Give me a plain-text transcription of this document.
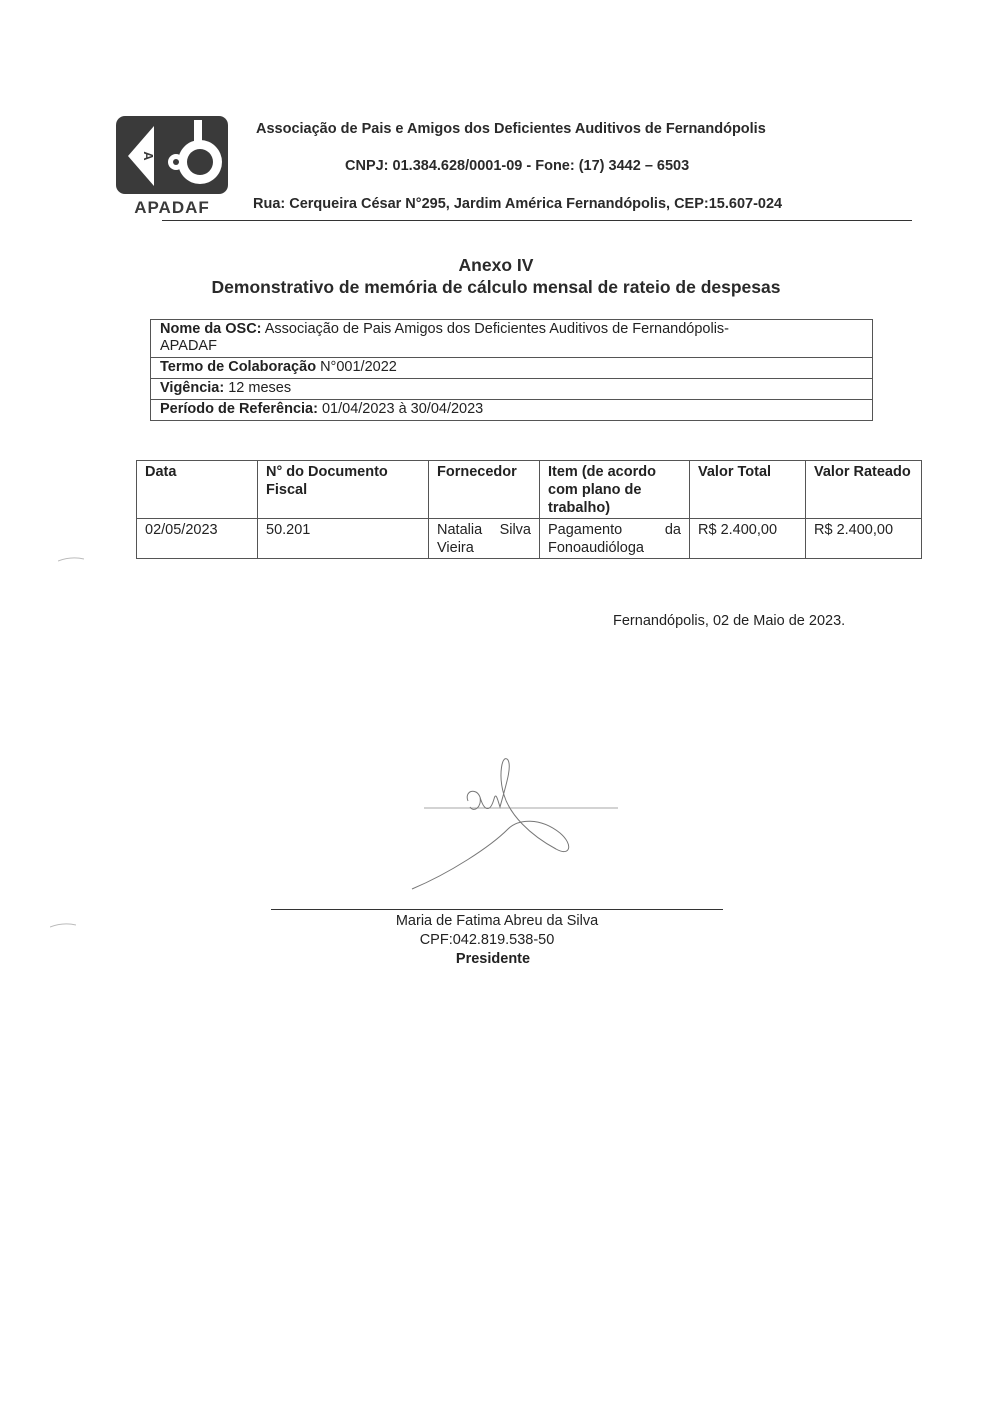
A
APADAF
Associação de Pais e Amigos dos Deficientes Auditivos de Fernandópolis
CNPJ: 01.384.628/0001-09 - Fone: (17) 3442 – 6503
Rua: Cerqueira César N°295, Jardim América Fernandópolis, CEP:15.607-024
Anexo IV
Demonstrativo de memória de cálculo mensal de rateio de despesas
Nome da OSC: Associação de Pais Amigos dos Deficientes Auditivos de Fernandópolis-
APADAF
Termo de Colaboração N°001/2022
Vigência: 12 meses
Período de Referência: 01/04/2023 à 30/04/2023
Data	N° do Documento Fiscal	Fornecedor	Item (de acordo com plano de trabalho)	Valor Total	Valor Rateado
02/05/2023	50.201	Natalia Silva Vieira	Pagamento da Fonoaudióloga	R$ 2.400,00	R$ 2.400,00
Fernandópolis, 02 de Maio de 2023.
Maria de Fatima Abreu da Silva
CPF:042.819.538-50
Presidente
